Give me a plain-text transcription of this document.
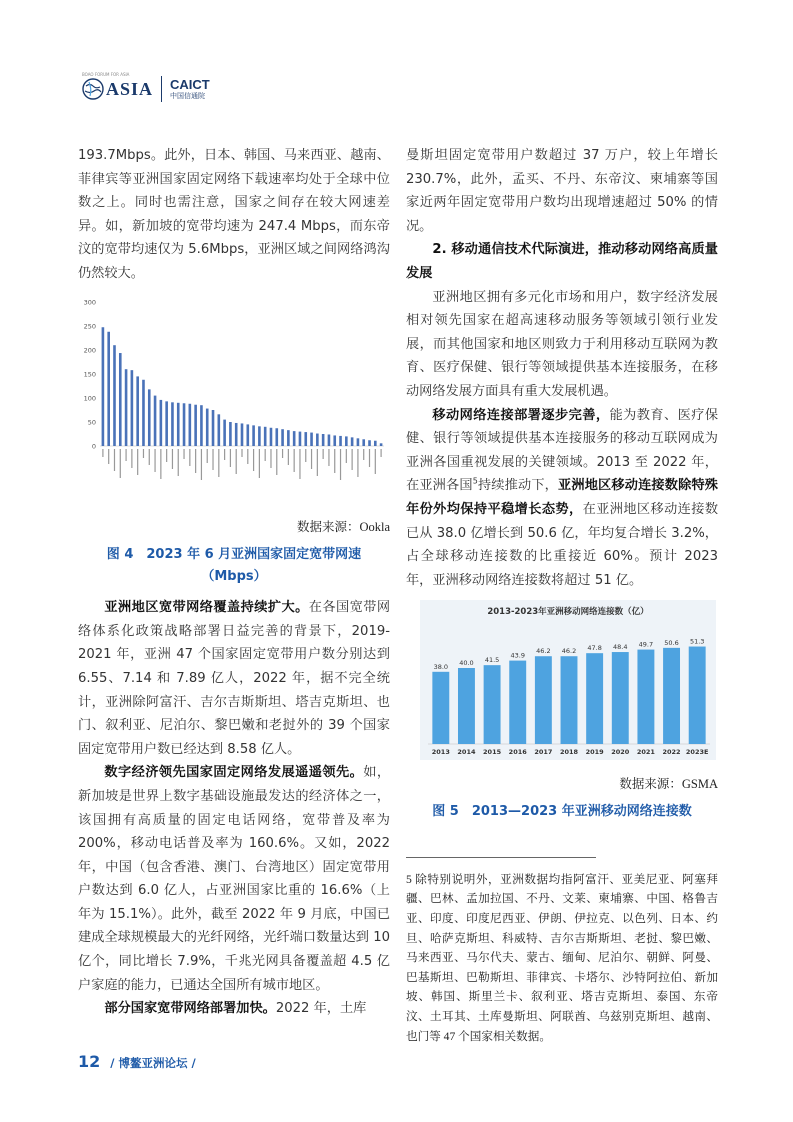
BOAO FORUM FOR ASIA
ASIA CAICT
中国信通院

193.7Mbps。此外，日本、韩国、马来西亚、越南、菲律宾等亚洲国家固定网络下载速率均处于全球中位数之上。同时也需注意，国家之间存在较大网速差异。如，新加坡的宽带均速为 247.4 Mbps，而东帝汶的宽带均速仅为 5.6Mbps，亚洲区域之间网络鸿沟仍然较大。

0
50
100
150
200
250
300
数据来源：Ookla
图 4　2023 年 6 月亚洲国家固定宽带网速（Mbps）

亚洲地区宽带网络覆盖持续扩大。在各国宽带网络体系化政策战略部署日益完善的背景下，2019-2021 年，亚洲 47 个国家固定宽带用户数分别达到 6.55、7.14 和 7.89 亿人，2022 年，据不完全统计，亚洲除阿富汗、吉尔吉斯斯坦、塔吉克斯坦、也门、叙利亚、尼泊尔、黎巴嫩和老挝外的 39 个国家固定宽带用户数已经达到 8.58 亿人。

数字经济领先国家固定网络发展遥遥领先。如，新加坡是世界上数字基础设施最发达的经济体之一，该国拥有高质量的固定电话网络，宽带普及率为 200%，移动电话普及率为 160.6%。又如，2022 年，中国（包含香港、澳门、台湾地区）固定宽带用户数达到 6.0 亿人，占亚洲国家比重的 16.6%（上年为 15.1%）。此外，截至 2022 年 9 月底，中国已建成全球规模最大的光纤网络，光纤端口数量达到 10 亿个，同比增长 7.9%，千兆光网具备覆盖超 4.5 亿户家庭的能力，已通达全国所有城市地区。

部分国家宽带网络部署加快。2022 年，土库

曼斯坦固定宽带用户数超过 37 万户，较上年增长 230.7%，此外，孟买、不丹、东帝汶、柬埔寨等国家近两年固定宽带用户数均出现增速超过 50% 的情况。

2. 移动通信技术代际演进，推动移动网络高质量发展

亚洲地区拥有多元化市场和用户，数字经济发展相对领先国家在超高速移动服务等领域引领行业发展，而其他国家和地区则致力于利用移动互联网为教育、医疗保健、银行等领域提供基本连接服务，在移动网络发展方面具有重大发展机遇。

移动网络连接部署逐步完善，能为教育、医疗保健、银行等领域提供基本连接服务的移动互联网成为亚洲各国重视发展的关键领域。2013 至 2022 年，在亚洲各国$^5$持续推动下，亚洲地区移动连接数除特殊年份外均保持平稳增长态势，在亚洲地区移动连接数已从 38.0 亿增长到 50.6 亿，年均复合增长 3.2%，占全球移动连接数的比重接近 60%。预计 2023 年，亚洲移动网络连接数将超过 51 亿。

2013-2023年亚洲移动网络连接数（亿）
38.0
2013
40.0
2014
41.5
2015
43.9
2016
46.2
2017
46.2
2018
47.8
2019
48.4
2020
49.7
2021
50.6
2022
51.3
2023E
数据来源：GSMA
图 5　2013—2023 年亚洲移动网络连接数
5 除特别说明外，亚洲数据均指阿富汗、亚美尼亚、阿塞拜疆、巴林、孟加拉国、不丹、文莱、柬埔寨、中国、格鲁吉亚、印度、印度尼西亚、伊朗、伊拉克、以色列、日本、约旦、哈萨克斯坦、科威特、吉尔吉斯斯坦、老挝、黎巴嫩、马来西亚、马尔代夫、蒙古、缅甸、尼泊尔、朝鲜、阿曼、巴基斯坦、巴勒斯坦、菲律宾、卡塔尔、沙特阿拉伯、新加坡、韩国、斯里兰卡、叙利亚、塔吉克斯坦、泰国、东帝汶、土耳其、土库曼斯坦、阿联酋、乌兹别克斯坦、越南、也门等 47 个国家相关数据。
12 / 博鳌亚洲论坛 /
